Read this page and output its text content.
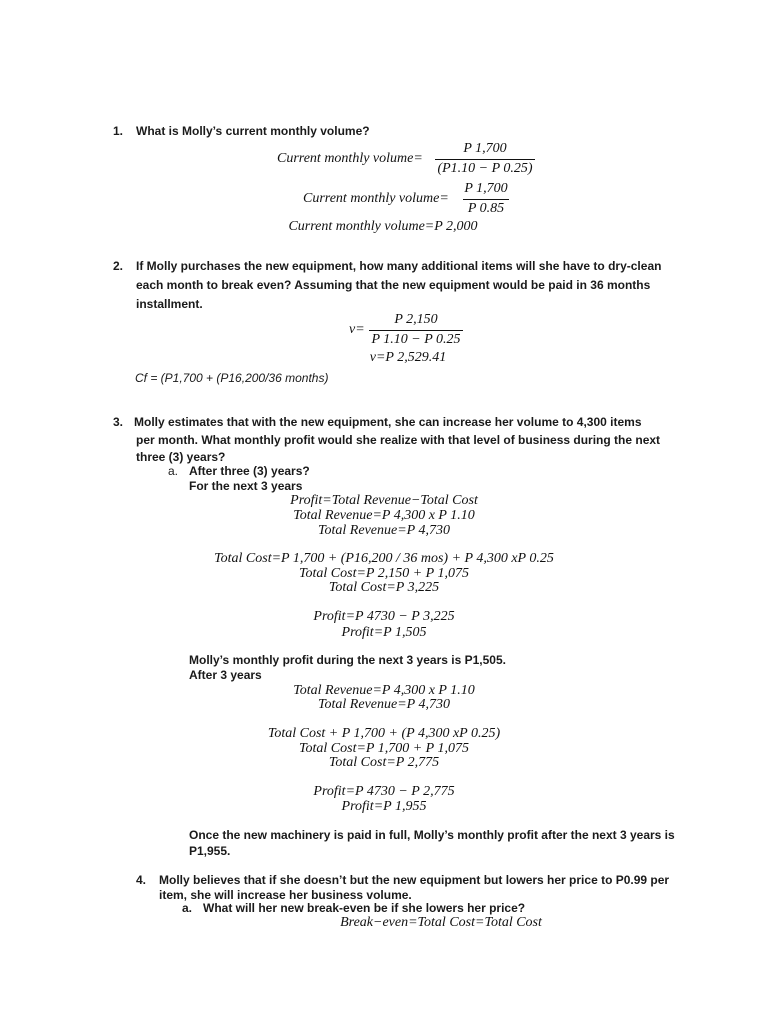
1. What is Molly’s current monthly volume?
Current monthly volume=
P 1,700
(P1.10 − P 0.25)
Current monthly volume=
P 1,700
P 0.85
Current monthly volume=P 2,000
2. If Molly purchases the new equipment, how many additional items will she have to dry-clean
each month to break even? Assuming that the new equipment would be paid in 36 months
installment.
v=
P 2,150
P 1.10 − P 0.25
v=P 2,529.41
Cf = (P1,700 + (P16,200/36 months)
3. Molly estimates that with the new equipment, she can increase her volume to 4,300 items
per month. What monthly profit would she realize with that level of business during the next
three (3) years?
a. After three (3) years?
For the next 3 years
Profit=Total Revenue−Total Cost
Total Revenue=P 4,300 x P 1.10
Total Revenue=P 4,730
Total Cost=P 1,700 + (P16,200 / 36 mos) + P 4,300 xP 0.25
Total Cost=P 2,150 + P 1,075
Total Cost=P 3,225
Profit=P 4730 − P 3,225
Profit=P 1,505
Molly’s monthly profit during the next 3 years is P1,505.
After 3 years
Total Revenue=P 4,300 x P 1.10
Total Revenue=P 4,730
Total Cost + P 1,700 + (P 4,300 xP 0.25)
Total Cost=P 1,700 + P 1,075
Total Cost=P 2,775
Profit=P 4730 − P 2,775
Profit=P 1,955
Once the new machinery is paid in full, Molly’s monthly profit after the next 3 years is
P1,955.
4. Molly believes that if she doesn’t but the new equipment but lowers her price to P0.99 per
item, she will increase her business volume.
a. What will her new break-even be if she lowers her price?
Break−even=Total Cost=Total Cost
